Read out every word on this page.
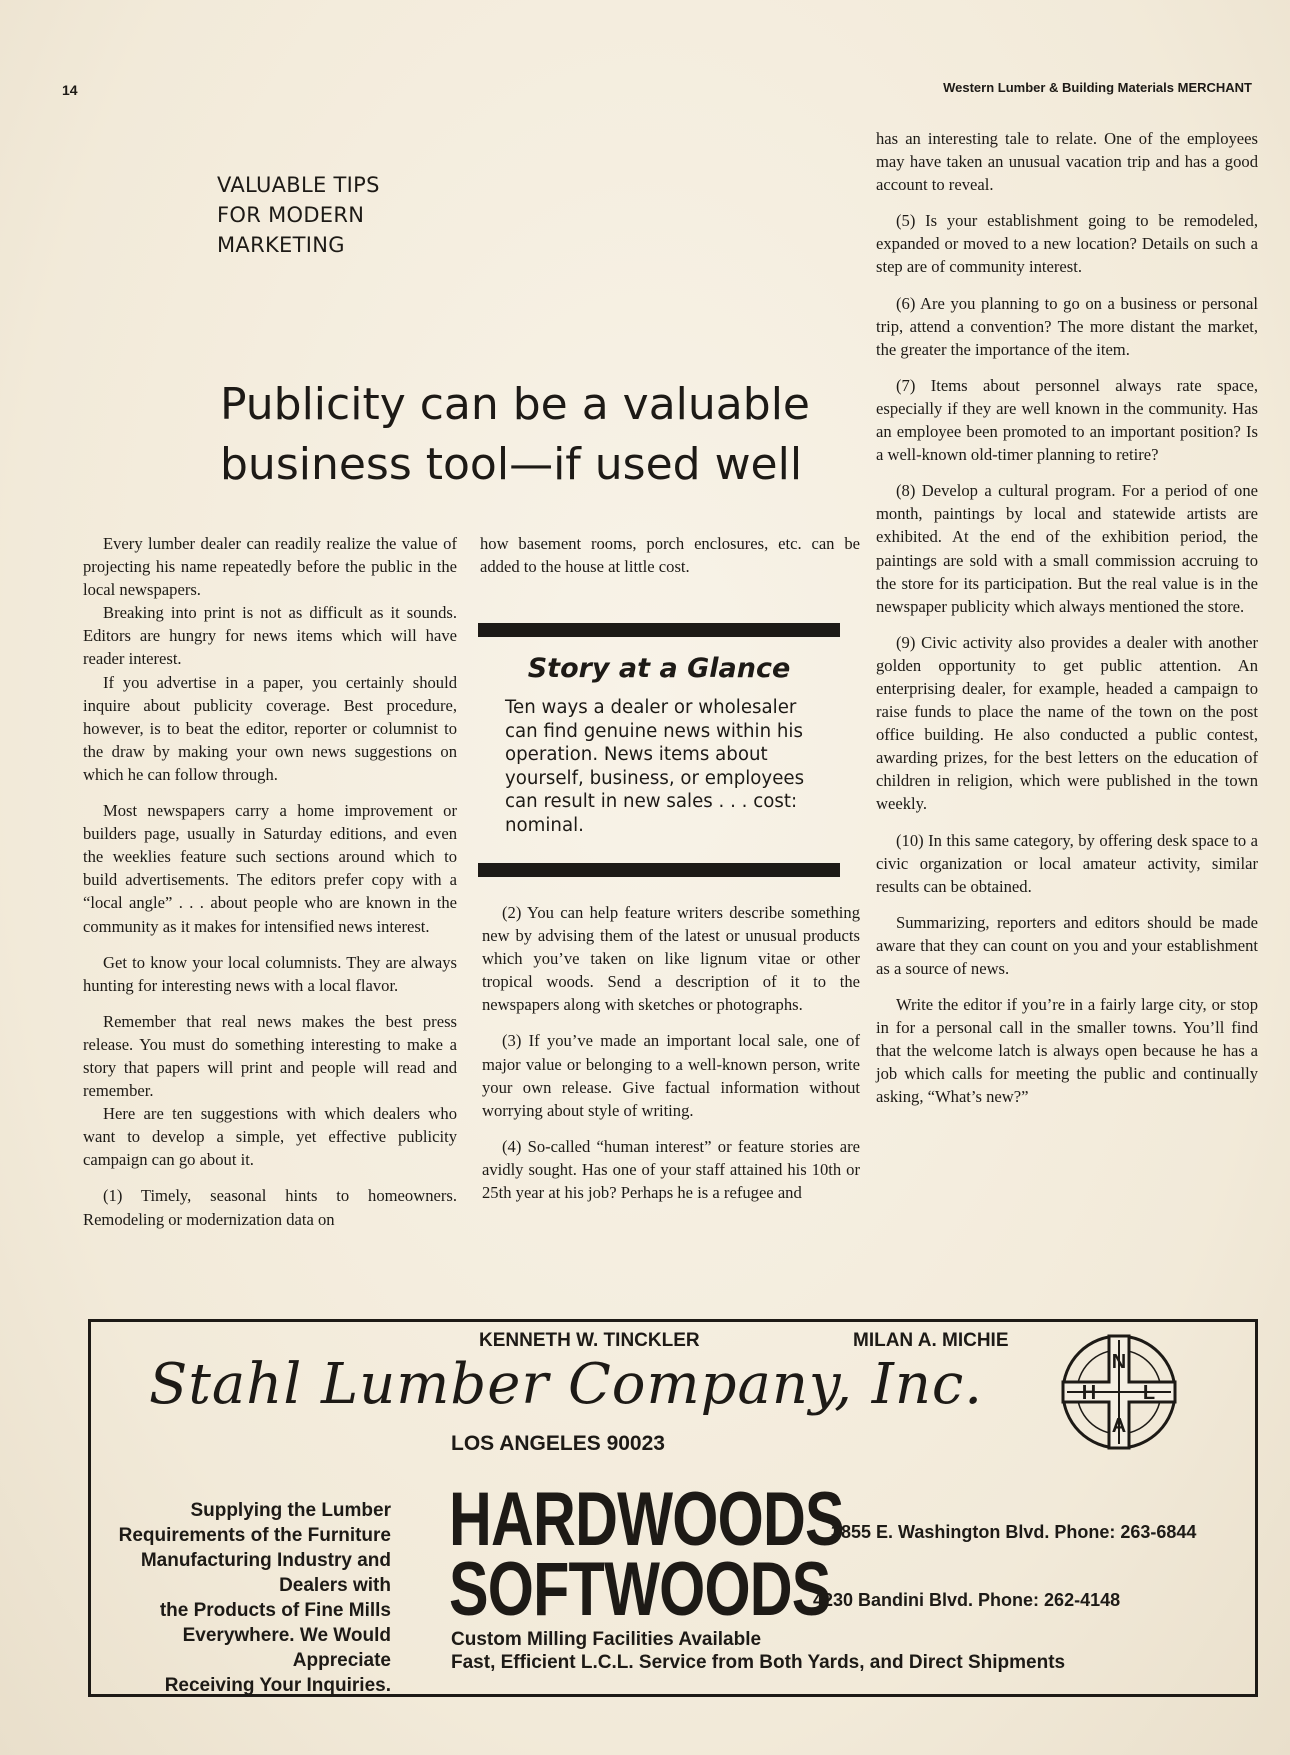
14	Western Lumber & Building Materials MERCHANT
VALUABLE TIPS
FOR MODERN
MARKETING
Publicity can be a valuable
business tool—if used well

Every lumber dealer can readily realize the value of projecting his name repeatedly before the public in the local newspapers.

Breaking into print is not as difficult as it sounds. Editors are hungry for news items which will have reader interest.

If you advertise in a paper, you certainly should inquire about publicity coverage. Best procedure, however, is to beat the editor, reporter or columnist to the draw by making your own news suggestions on which he can follow through.

Most newspapers carry a home improvement or builders page, usually in Saturday editions, and even the weeklies feature such sections around which to build advertisements. The editors prefer copy with a “local angle” . . . about people who are known in the community as it makes for intensified news interest.

Get to know your local columnists. They are always hunting for interesting news with a local flavor.

Remember that real news makes the best press release. You must do something interesting to make a story that papers will print and people will read and remember.

Here are ten suggestions with which dealers who want to develop a simple, yet effective publicity campaign can go about it.

(1) Timely, seasonal hints to homeowners. Remodeling or modernization data on

how basement rooms, porch enclosures, etc. can be added to the house at little cost.

Story at a Glance
Ten ways a dealer or wholesaler can find genuine news within his operation. News items about yourself, business, or employees can result in new sales . . . cost: nominal.

(2) You can help feature writers describe something new by advising them of the latest or unusual products which you’ve taken on like lignum vitae or other tropical woods. Send a description of it to the newspapers along with sketches or photographs.

(3) If you’ve made an important local sale, one of major value or belonging to a well-known person, write your own release. Give factual information without worrying about style of writing.

(4) So-called “human interest” or feature stories are avidly sought. Has one of your staff attained his 10th or 25th year at his job? Perhaps he is a refugee and

has an interesting tale to relate. One of the employees may have taken an unusual vacation trip and has a good account to reveal.

(5) Is your establishment going to be remodeled, expanded or moved to a new location? Details on such a step are of community interest.

(6) Are you planning to go on a business or personal trip, attend a convention? The more distant the market, the greater the importance of the item.

(7) Items about personnel always rate space, especially if they are well known in the community. Has an employee been promoted to an important position? Is a well-known old-timer planning to retire?

(8) Develop a cultural program. For a period of one month, paintings by local and statewide artists are exhibited. At the end of the exhibition period, the paintings are sold with a small commission accruing to the store for its participation. But the real value is in the newspaper publicity which always mentioned the store.

(9) Civic activity also provides a dealer with another golden opportunity to get public attention. An enterprising dealer, for example, headed a campaign to raise funds to place the name of the town on the post office building. He also conducted a public contest, awarding prizes, for the best letters on the education of children in religion, which were published in the town weekly.

(10) In this same category, by offering desk space to a civic organization or local amateur activity, similar results can be obtained.

Summarizing, reporters and editors should be made aware that they can count on you and your establishment as a source of news.

Write the editor if you’re in a fairly large city, or stop in for a personal call in the smaller towns. You’ll find that the welcome latch is always open because he has a job which calls for meeting the public and continually asking, “What’s new?”

KENNETH W. TINCKLER	MILAN A. MICHIE
Stahl Lumber Company, Inc.
LOS ANGELES 90023
N
H L
A
Supplying the Lumber
Requirements of the Furniture
Manufacturing Industry and
Dealers with
the Products of Fine Mills
Everywhere. We Would Appreciate
Receiving Your Inquiries.
HARDWOODS
SOFTWOODS
3855 E. Washington Blvd. Phone: 263-6844
4230 Bandini Blvd. Phone: 262-4148
Custom Milling Facilities Available
Fast, Efficient L.C.L. Service from Both Yards, and Direct Shipments
